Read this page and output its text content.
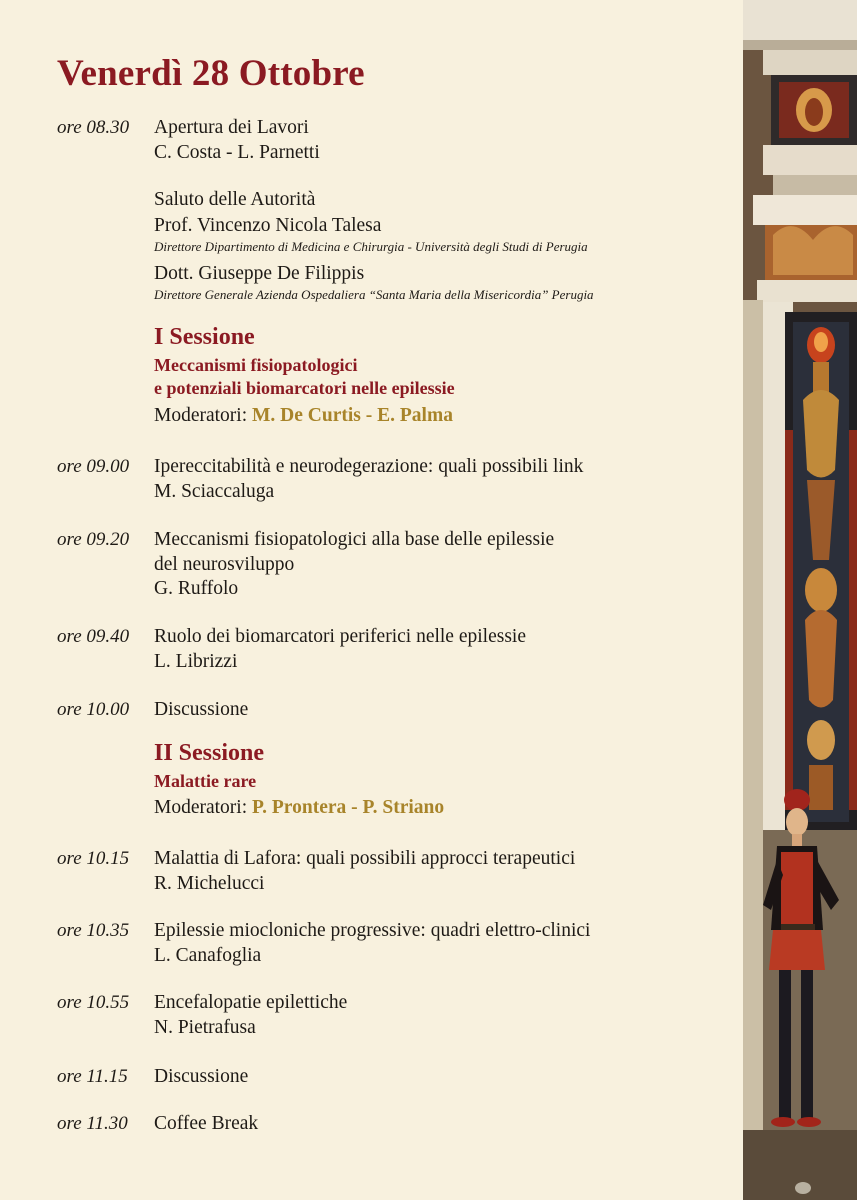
Venerdì 28 Ottobre
ore 08.30 Apertura dei Lavori
C. Costa - L. Parnetti
Saluto delle Autorità
Prof. Vincenzo Nicola Talesa
Direttore Dipartimento di Medicina e Chirurgia - Università degli Studi di Perugia
Dott. Giuseppe De Filippis
Direttore Generale Azienda Ospedaliera “Santa Maria della Misericordia” Perugia
I Sessione
Meccanismi fisiopatologici
e potenziali biomarcatori nelle epilessie
Moderatori: M. De Curtis - E. Palma
ore 09.00 Ipereccitabilità e neurodegerazione: quali possibili link
M. Sciaccaluga
ore 09.20 Meccanismi fisiopatologici alla base delle epilessie
del neurosviluppo
G. Ruffolo
ore 09.40 Ruolo dei biomarcatori periferici nelle epilessie
L. Librizzi
ore 10.00 Discussione
II Sessione
Malattie rare
Moderatori: P. Prontera - P. Striano
ore 10.15 Malattia di Lafora: quali possibili approcci terapeutici
R. Michelucci
ore 10.35 Epilessie miocloniche progressive: quadri elettro-clinici
L. Canafoglia
ore 10.55 Encefalopatie epilettiche
N. Pietrafusa
ore 11.15 Discussione
ore 11.30 Coffee Break
